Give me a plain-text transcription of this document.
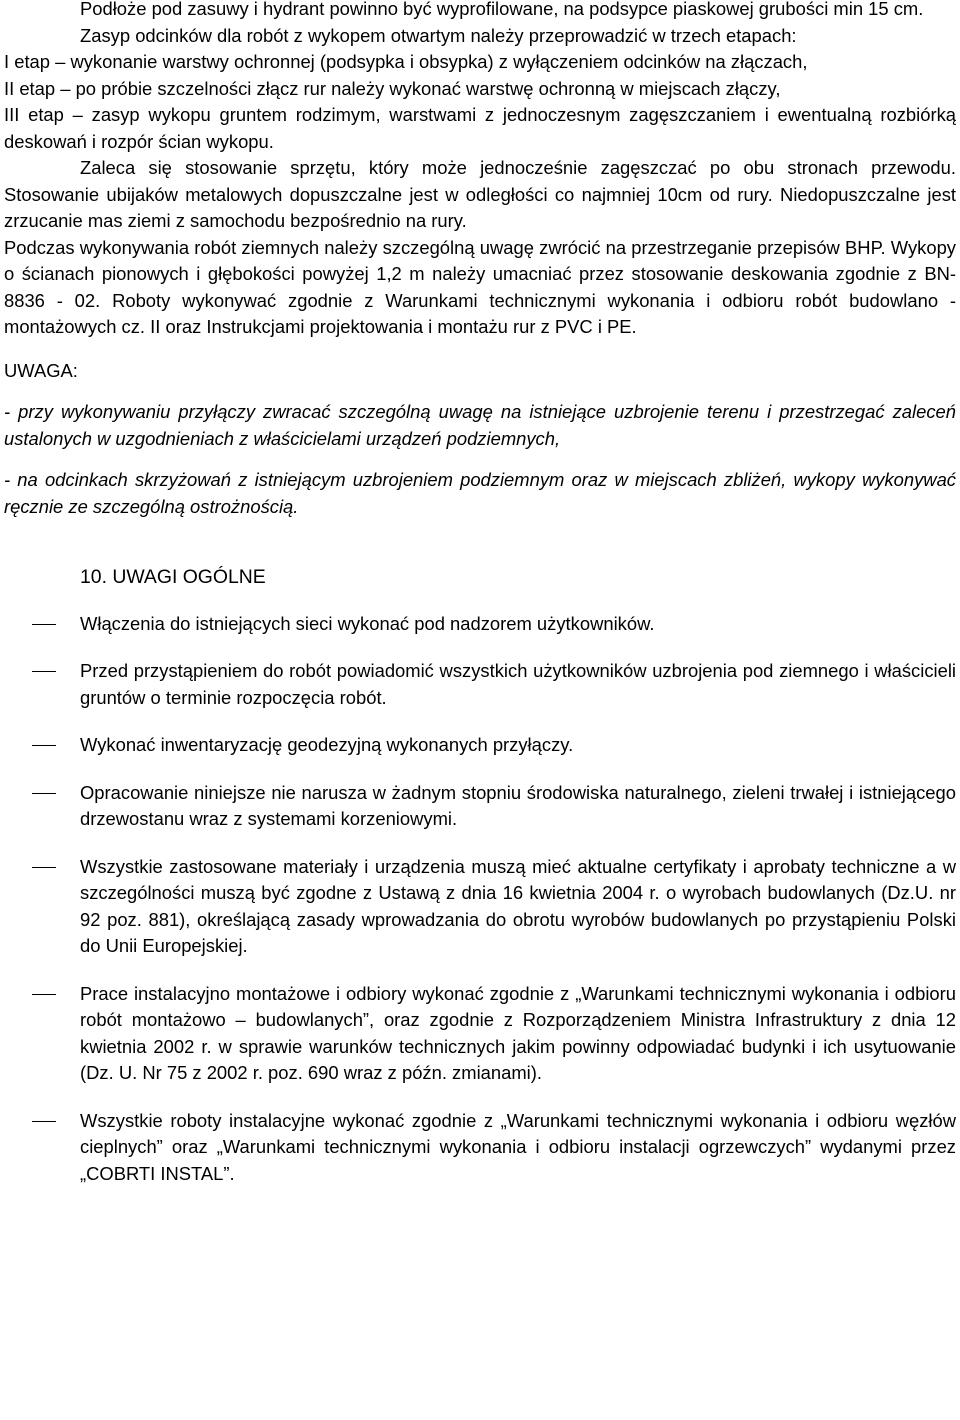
Podłoże pod zasuwy i hydrant powinno być wyprofilowane, na podsypce piaskowej grubości min 15 cm.

Zasyp odcinków dla robót z wykopem otwartym należy przeprowadzić w trzech etapach:

I etap – wykonanie warstwy ochronnej (podsypka i obsypka) z wyłączeniem odcinków na złączach,

II etap – po próbie szczelności złącz rur należy wykonać warstwę ochronną w miejscach złączy,

III etap – zasyp wykopu gruntem rodzimym, warstwami z jednoczesnym zagęszczaniem i ewentualną rozbiórką deskowań i rozpór ścian wykopu.

Zaleca się stosowanie sprzętu, który może jednocześnie zagęszczać po obu stronach przewodu. Stosowanie ubijaków metalowych dopuszczalne jest w odległości co najmniej 10cm od rury. Niedopuszczalne jest zrzucanie mas ziemi z samochodu bezpośrednio na rury.

Podczas wykonywania robót ziemnych należy szczególną uwagę zwrócić na przestrzeganie przepisów BHP. Wykopy o ścianach pionowych i głębokości powyżej 1,2 m należy umacniać przez stosowanie deskowania zgodnie z BN-8836 - 02. Roboty wykonywać zgodnie z Warunkami technicznymi wykonania i odbioru robót budowlano - montażowych cz. II oraz Instrukcjami projektowania i montażu rur z PVC i PE.

UWAGA:

- przy wykonywaniu przyłączy zwracać szczególną uwagę na istniejące uzbrojenie terenu i przestrzegać zaleceń ustalonych w uzgodnieniach z właścicielami urządzeń podziemnych,

- na odcinkach skrzyżowań z istniejącym uzbrojeniem podziemnym oraz w miejscach zbliżeń, wykopy wykonywać ręcznie ze szczególną ostrożnością.

10. UWAGI OGÓLNE
Włączenia do istniejących sieci wykonać pod nadzorem użytkowników.
Przed przystąpieniem do robót powiadomić wszystkich użytkowników uzbrojenia pod ziemnego i właścicieli gruntów o terminie rozpoczęcia robót.
Wykonać inwentaryzację geodezyjną wykonanych przyłączy.
Opracowanie niniejsze nie narusza w żadnym stopniu środowiska naturalnego, zieleni trwałej i istniejącego drzewostanu wraz z systemami korzeniowymi.
Wszystkie zastosowane materiały i urządzenia muszą mieć aktualne certyfikaty i aprobaty techniczne a w szczególności muszą być zgodne z Ustawą z dnia 16 kwietnia 2004 r. o wyrobach budowlanych (Dz.U. nr 92 poz. 881), określającą zasady wprowadzania do obrotu wyrobów budowlanych po przystąpieniu Polski do Unii Europejskiej.
Prace instalacyjno montażowe i odbiory wykonać zgodnie z „Warunkami technicznymi wykonania i odbioru robót montażowo – budowlanych”, oraz zgodnie z Rozporządzeniem Ministra Infrastruktury z dnia 12 kwietnia 2002 r. w sprawie warunków technicznych jakim powinny odpowiadać budynki i ich usytuowanie (Dz. U. Nr 75 z 2002 r. poz. 690 wraz z późn. zmianami).
Wszystkie roboty instalacyjne wykonać zgodnie z „Warunkami technicznymi wykonania i odbioru węzłów cieplnych” oraz „Warunkami technicznymi wykonania i odbioru instalacji ogrzewczych” wydanymi przez „COBRTI INSTAL”.
